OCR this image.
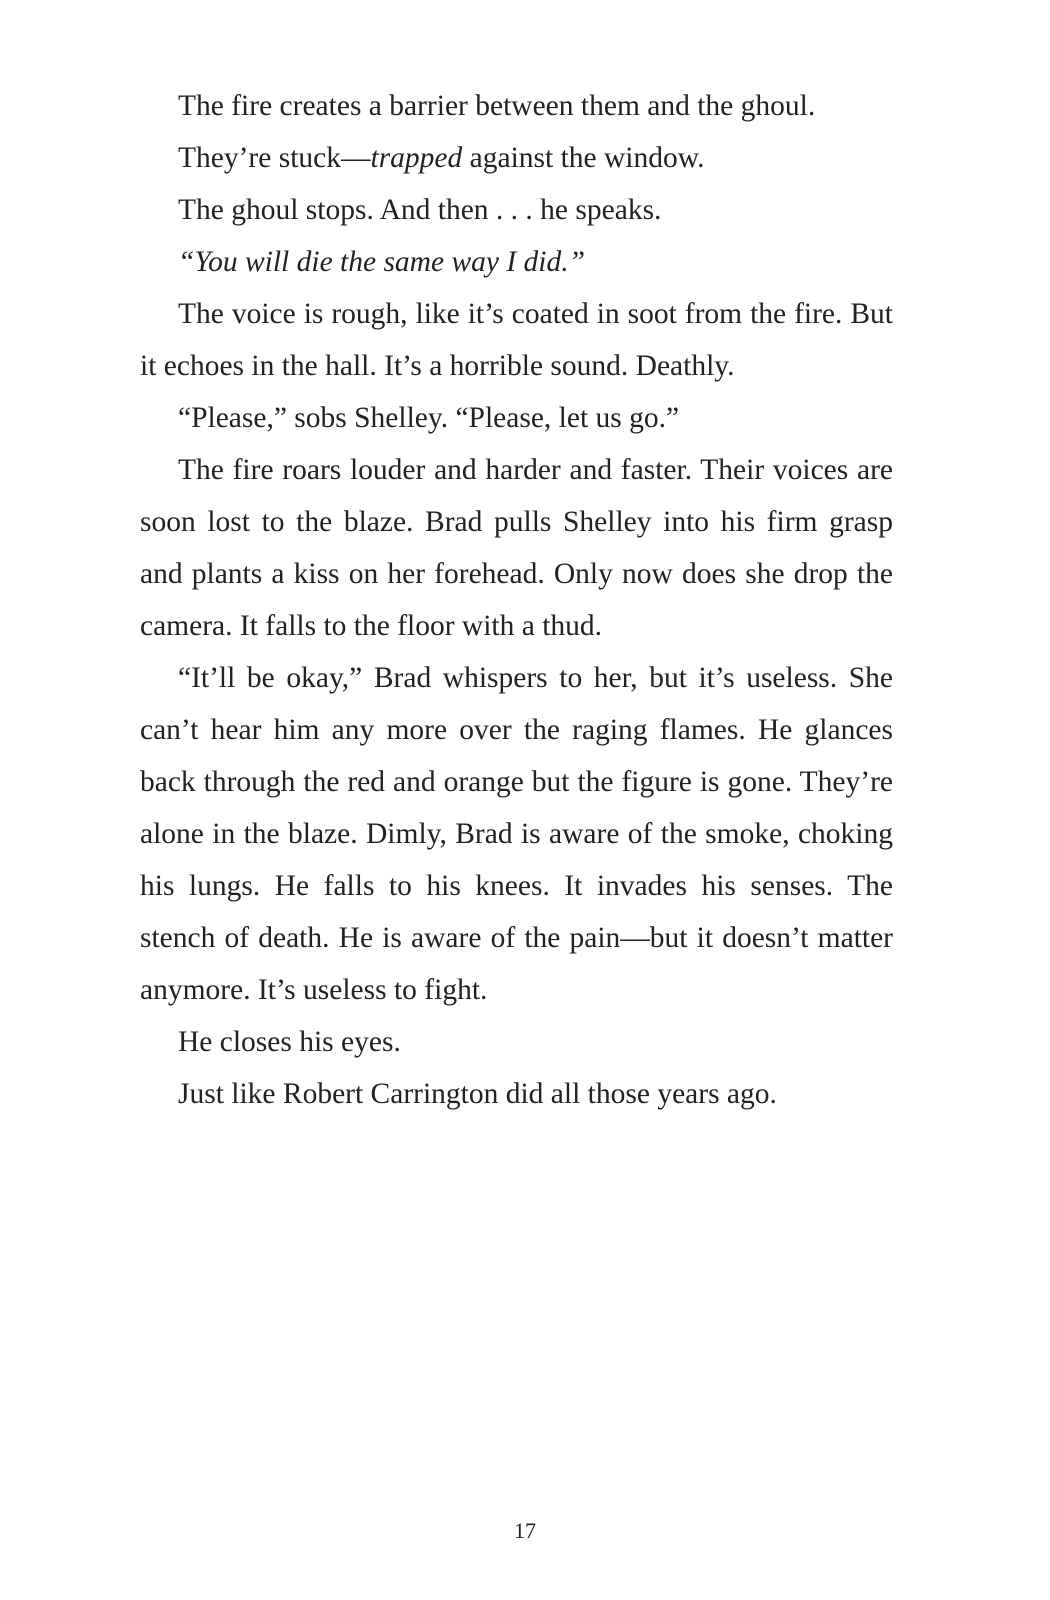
The fire creates a barrier between them and the ghoul.

They’re stuck—trapped against the window.

The ghoul stops. And then . . . he speaks.

“You will die the same way I did.”

The voice is rough, like it’s coated in soot from the fire. But it echoes in the hall. It’s a horrible sound. Deathly.

“Please,” sobs Shelley. “Please, let us go.”

The fire roars louder and harder and faster. Their voices are soon lost to the blaze. Brad pulls Shelley into his firm grasp and plants a kiss on her forehead. Only now does she drop the camera. It falls to the floor with a thud.

“It’ll be okay,” Brad whispers to her, but it’s useless. She can’t hear him any more over the raging flames. He glances back through the red and orange but the figure is gone. They’re alone in the blaze. Dimly, Brad is aware of the smoke, choking his lungs. He falls to his knees. It invades his senses. The stench of death. He is aware of the pain—but it doesn’t matter anymore. It’s useless to fight.

He closes his eyes.

Just like Robert Carrington did all those years ago.

17
